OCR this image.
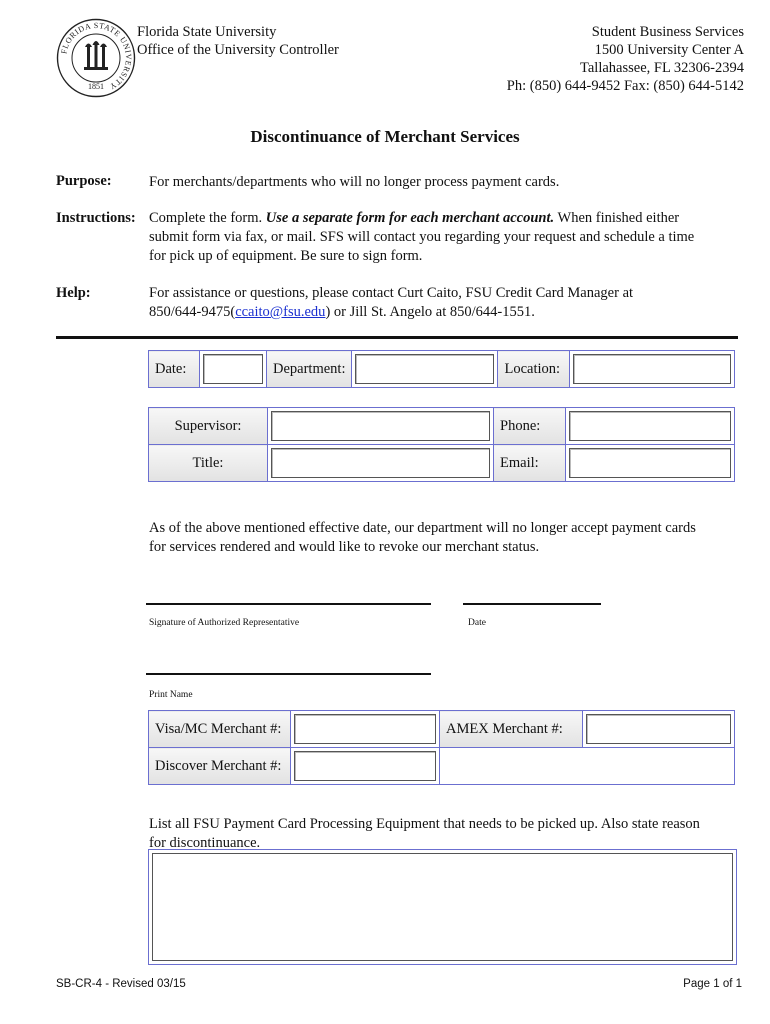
FLORIDA STATE UNIVERSITY
1851
Florida State University
Office of the University Controller
Student Business Services
1500 University Center A
Tallahassee, FL 32306-2394
Ph: (850) 644-9452 Fax: (850) 644-5142
Discontinuance of Merchant Services
Purpose:	For merchants/departments who will no longer process payment cards.
Instructions: Complete the form. Use a separate form for each merchant account. When finished either
submit form via fax, or mail. SFS will contact you regarding your request and schedule a time
for pick up of equipment. Be sure to sign form.
Help:	For assistance or questions, please contact Curt Caito, FSU Credit Card Manager at
850/644-9475(ccaito@fsu.edu) or Jill St. Angelo at 850/644-1551.
Date:		Department:		Location:

Supervisor:		Phone:	

Title:		Email:	

As of the above mentioned effective date, our department will no longer accept payment cards
for services rendered and would like to revoke our merchant status.
Signature of Authorized Representative	Date
Print Name
Visa/MC Merchant #:		AMEX Merchant #:	

Discover Merchant #:			

List all FSU Payment Card Processing Equipment that needs to be picked up. Also state reason
for discontinuance.
SB-CR-4 - Revised 03/15	Page 1 of 1
